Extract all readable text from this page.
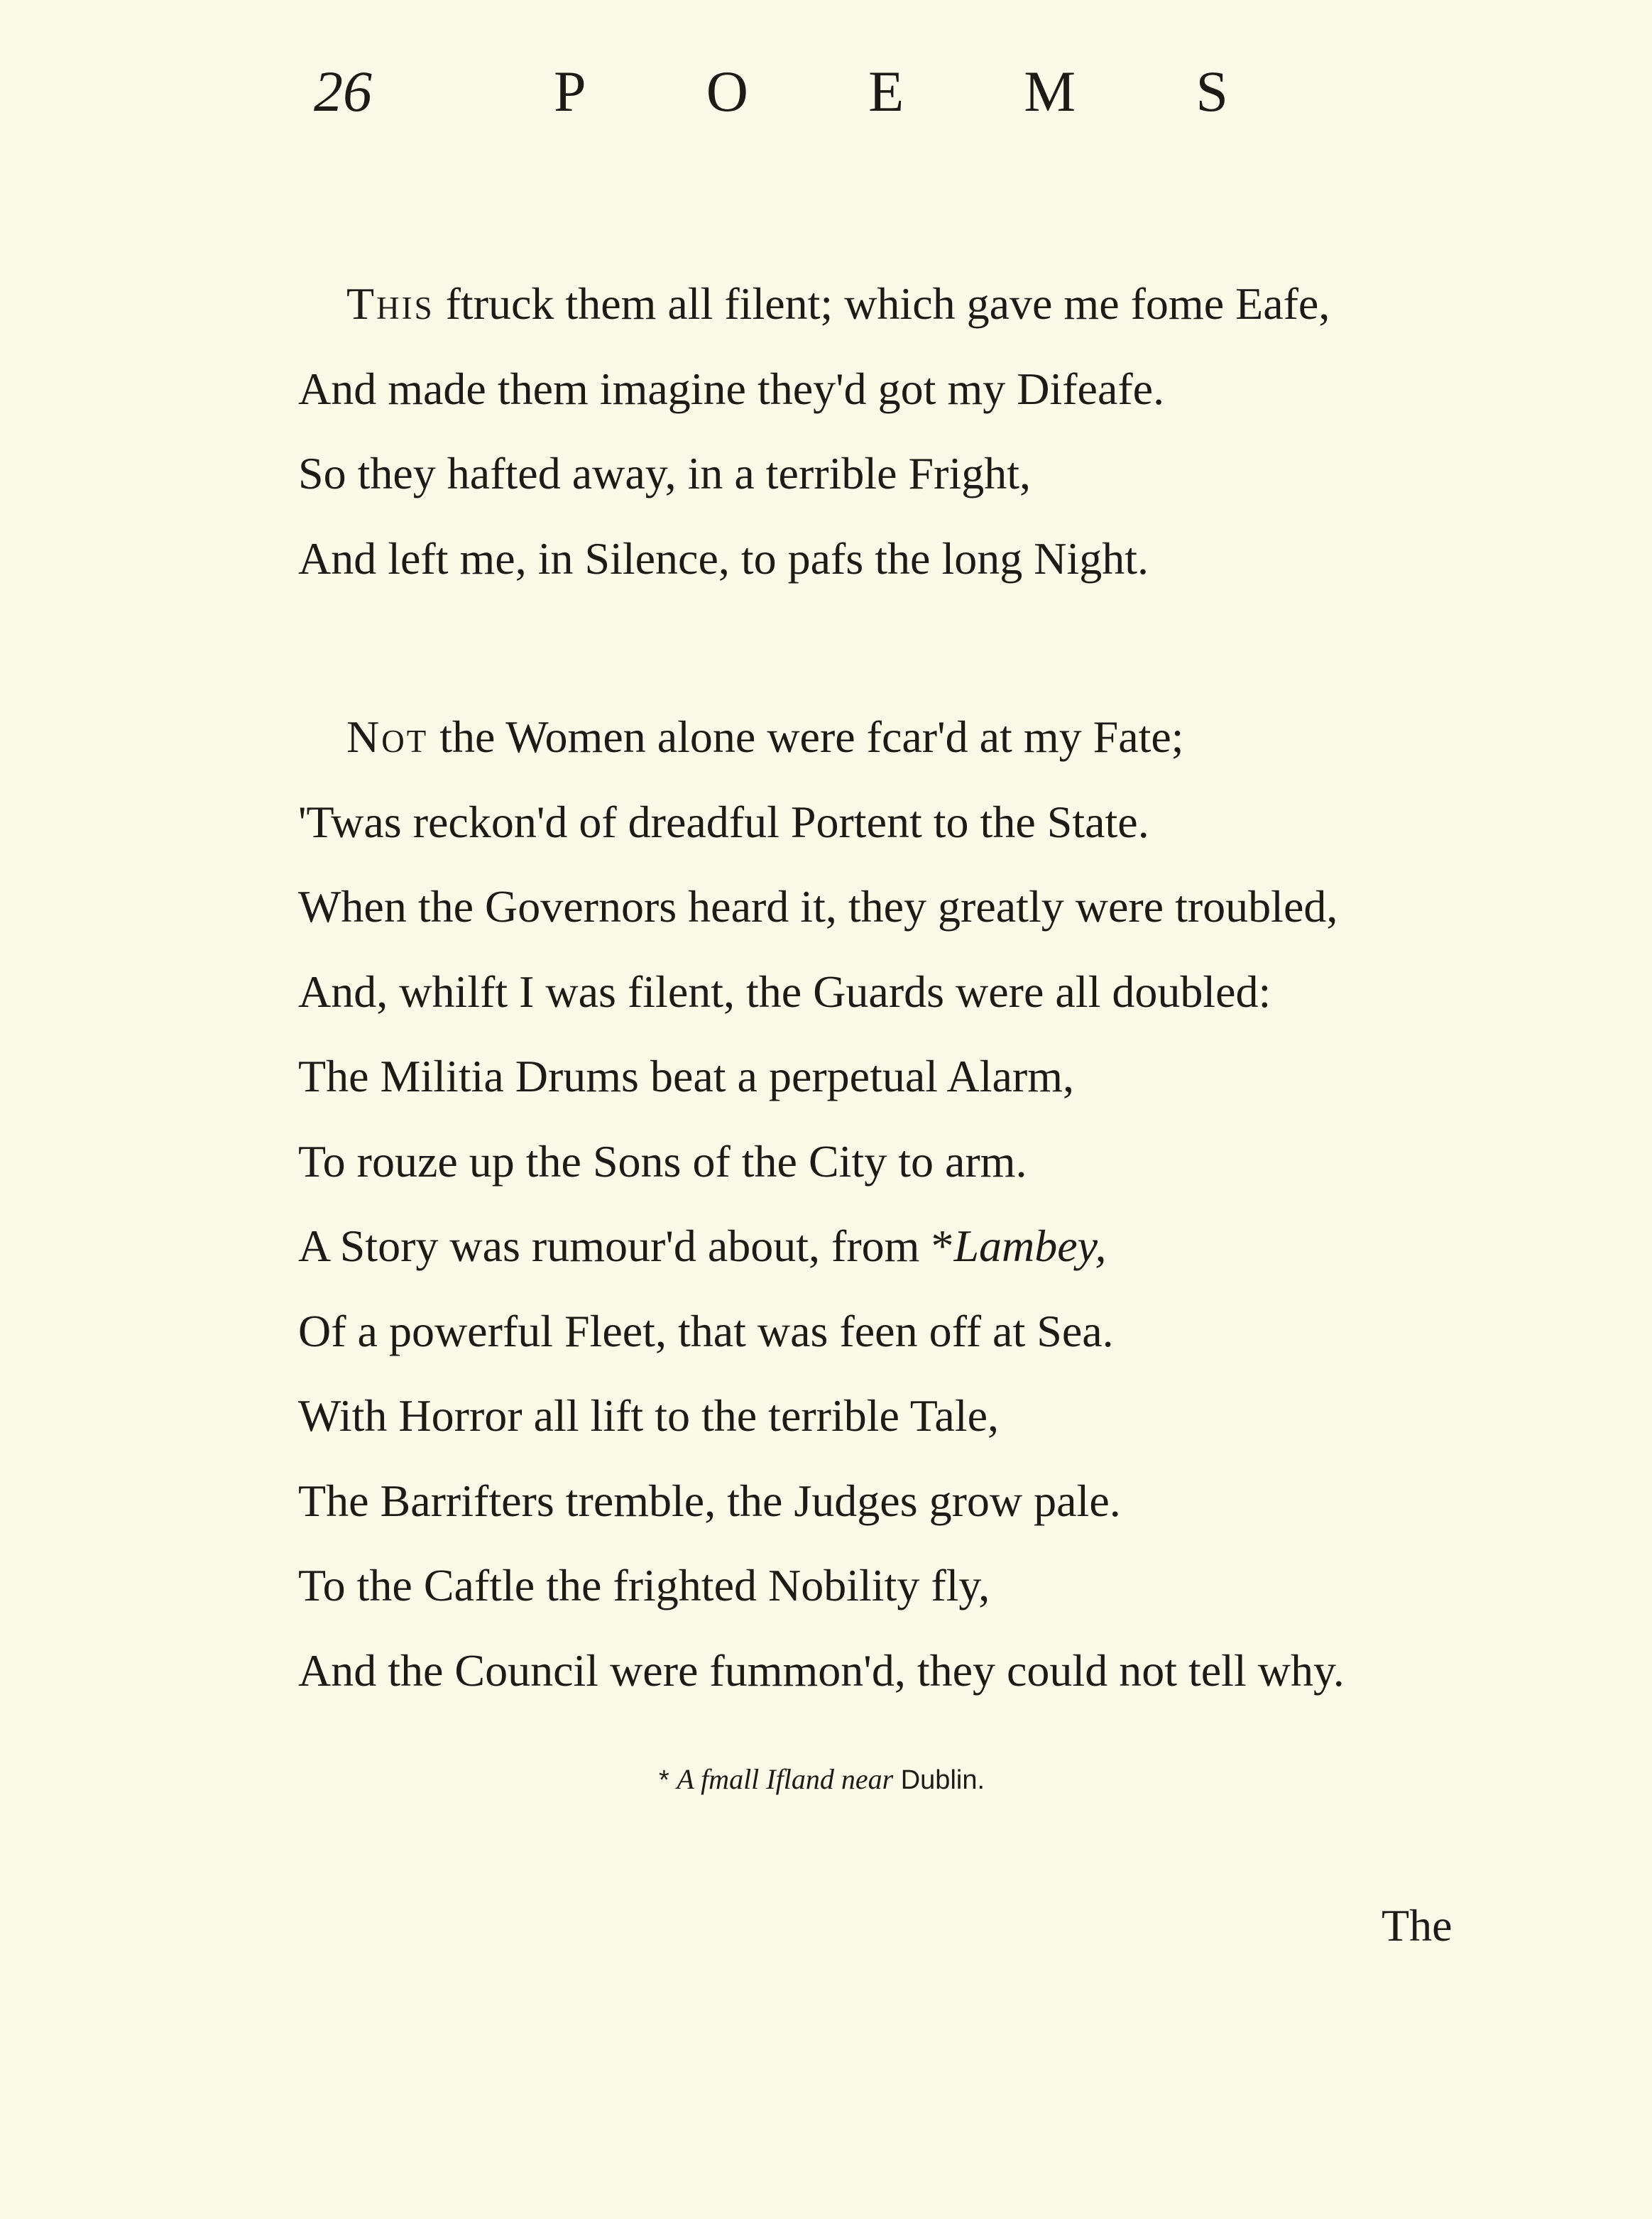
26	P O E M S
This ftruck them all filent; which gave me fome Eafe,
And made them imagine they'd got my Difeafe.
So they hafted away, in a terrible Fright,
And left me, in Silence, to pafs the long Night.
Not the Women alone were fcar'd at my Fate;
'Twas reckon'd of dreadful Portent to the State.
When the Governors heard it, they greatly were troubled,
And, whilft I was filent, the Guards were all doubled:
The Militia Drums beat a perpetual Alarm,
To rouze up the Sons of the City to arm.
A Story was rumour'd about, from *Lambey,
Of a powerful Fleet, that was feen off at Sea.
With Horror all lift to the terrible Tale,
The Barrifters tremble, the Judges grow pale.
To the Caftle the frighted Nobility fly,
And the Council were fummon'd, they could not tell why.
* A fmall Ifland near Dublin.
The
